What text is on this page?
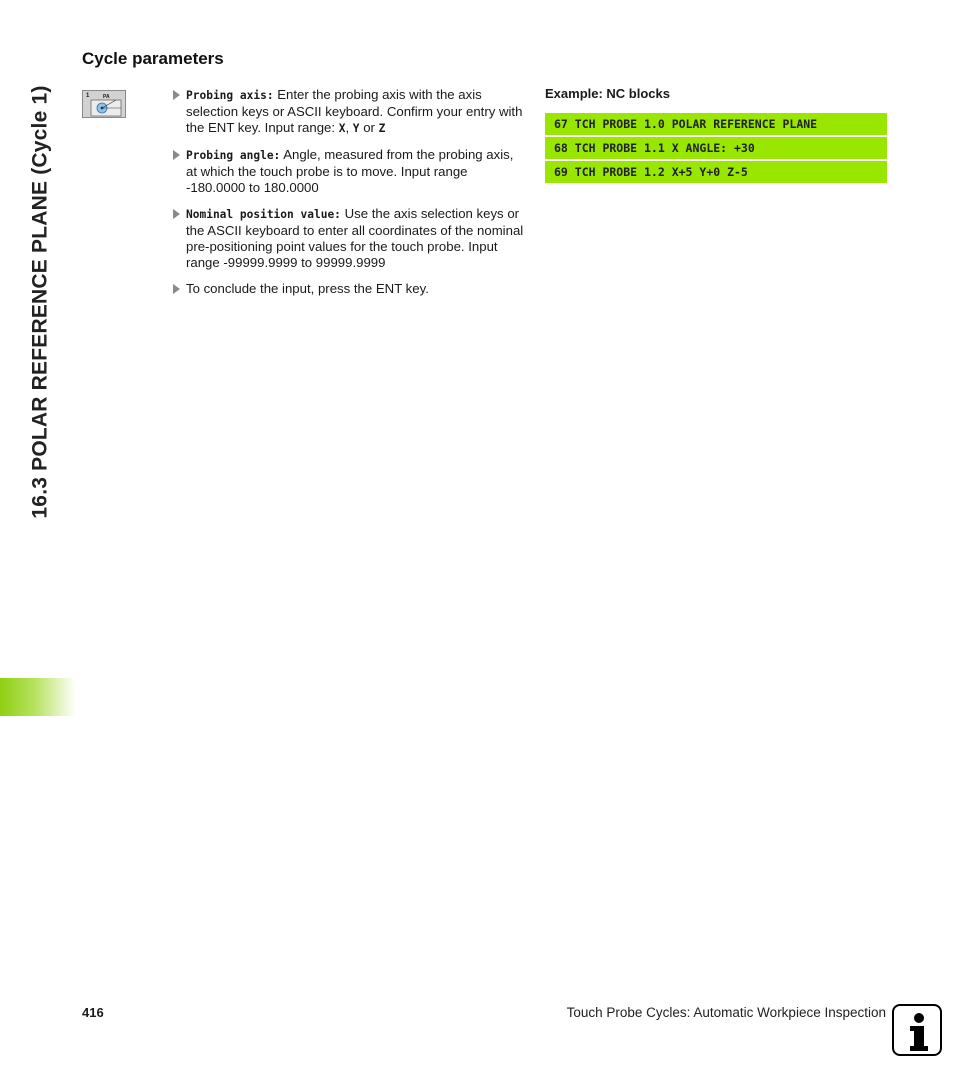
16.3 POLAR REFERENCE PLANE (Cycle 1)
Cycle parameters
1	PA	Probing axis: Enter the probing axis with the axis selection keys or ASCII keyboard. Confirm your entry with the ENT key. Input range: X, Y or Z
Probing angle: Angle, measured from the probing axis, at which the touch probe is to move. Input range -180.0000 to 180.0000
Nominal position value: Use the axis selection keys or the ASCII keyboard to enter all coordinates of the nominal pre-positioning point values for the touch probe. Input range -99999.9999 to 99999.9999
To conclude the input, press the ENT key.
Example: NC blocks
67 TCH PROBE 1.0 POLAR REFERENCE PLANE
68 TCH PROBE 1.1 X ANGLE: +30
69 TCH PROBE 1.2 X+5 Y+0 Z-5
416	Touch Probe Cycles: Automatic Workpiece Inspection
